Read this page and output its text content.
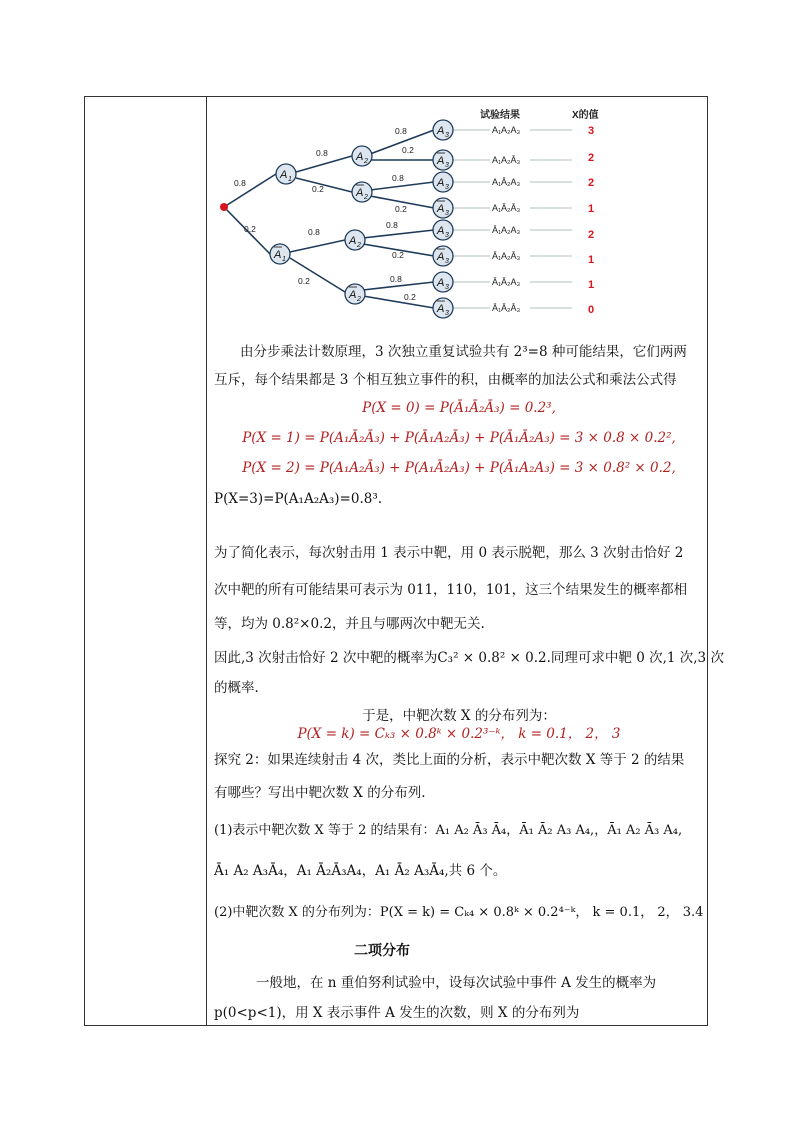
试验结果	X的值
A 1
A 1
A 2
A 2
A 2
A 2
A 3
A 3
A 3
A 3
A 3
A 3
A 3
A 3
0.8
0.2
0.8
0.2
0.8
0.2
0.8
0.2
0.8
0.2
0.8
0.2
0.8
0.2
A₁A₂A₃
A₁A₂Ā₃
A₁Ā₂A₃
A₁Ā₂Ā₃
Ā₁A₂A₃
Ā₁A₂Ā₃
Ā₁Ā₂A₃
Ā₁Ā₂Ā₃
3
2
2
1
2
1
1
0
由分步乘法计数原理，3 次独立重复试验共有 2³=8 种可能结果，它们两两
互斥，每个结果都是 3 个相互独立事件的积，由概率的加法公式和乘法公式得
P(X = 0) = P(Ā₁Ā₂Ā₃) = 0.2³,
P(X = 1) = P(A₁Ā₂Ā₃) + P(Ā₁A₂Ā₃) + P(Ā₁Ā₂A₃) = 3 × 0.8 × 0.2²,
P(X = 2) = P(A₁A₂Ā₃) + P(A₁Ā₂A₃) + P(Ā₁A₂A₃) = 3 × 0.8² × 0.2,
P(X=3)=P(A₁A₂A₃)=0.8³.
为了简化表示，每次射击用 1 表示中靶，用 0 表示脱靶，那么 3 次射击恰好 2
次中靶的所有可能结果可表示为 011，110，101，这三个结果发生的概率都相
等，均为 0.8²×0.2，并且与哪两次中靶无关.
因此,3 次射击恰好 2 次中靶的概率为C₃² × 0.8² × 0.2.同理可求中靶 0 次,1 次,3 次
的概率.
于是，中靶次数 X 的分布列为：
P(X = k) = Cₖ₃ × 0.8ᵏ × 0.2³⁻ᵏ， k = 0.1， 2， 3
探究 2：如果连续射击 4 次，类比上面的分析，表示中靶次数 X 等于 2 的结果
有哪些？写出中靶次数 X 的分布列.
(1)表示中靶次数 X 等于 2 的结果有：A₁ A₂ Ā₃ Ā₄，Ā₁ Ā₂ A₃ A₄,，Ā₁ A₂ Ā₃ A₄,
Ā₁ A₂ A₃Ā₄，A₁ Ā₂Ā₃A₄，A₁ Ā₂ A₃Ā₄,共 6 个。
(2)中靶次数 X 的分布列为：P(X = k) = Cₖ₄ × 0.8ᵏ × 0.2⁴⁻ᵏ， k = 0.1， 2， 3.4
二项分布
一般地，在 n 重伯努利试验中，设每次试验中事件 A 发生的概率为
p(0<p<1)，用 X 表示事件 A 发生的次数，则 X 的分布列为
